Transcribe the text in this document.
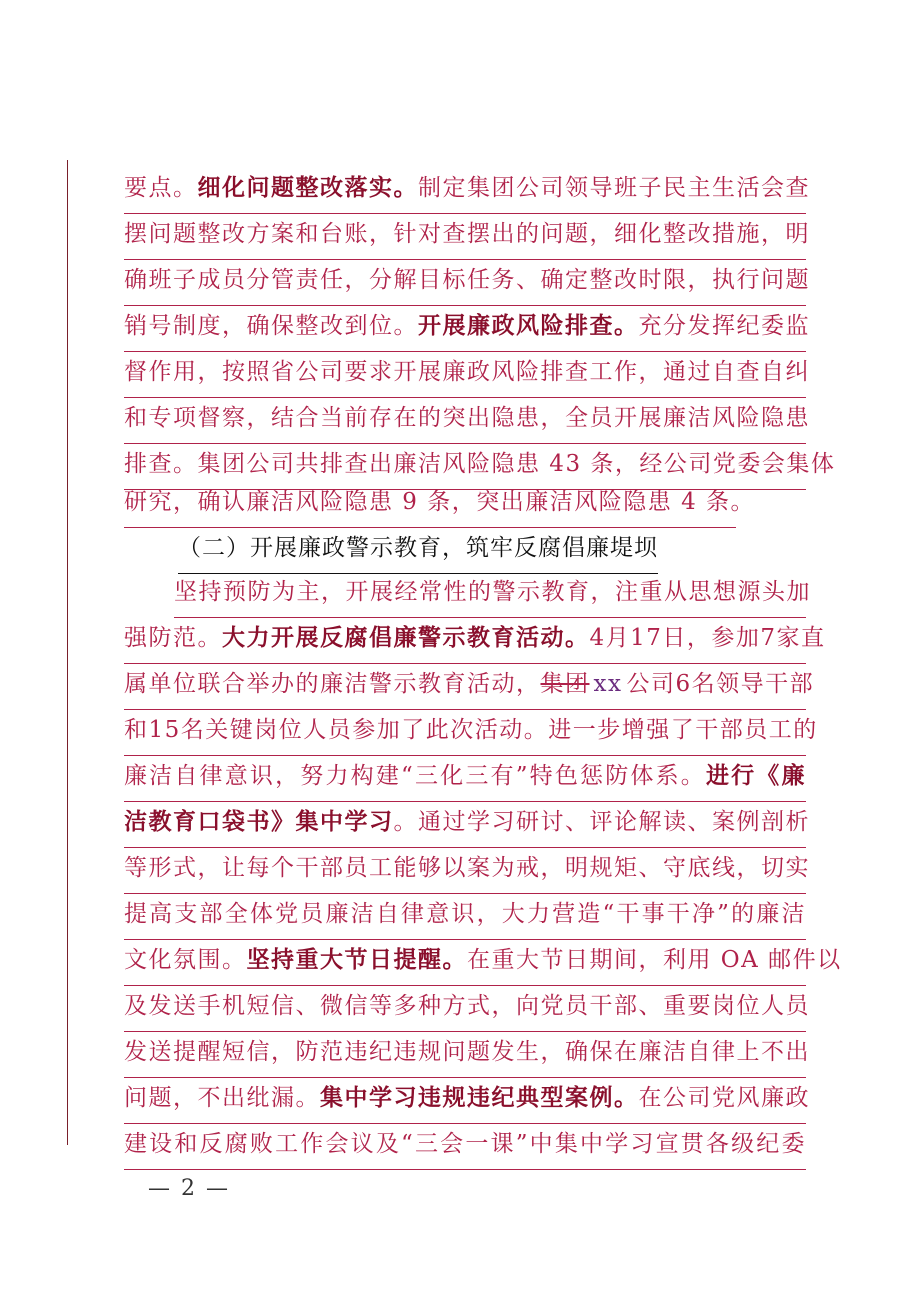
要点。细化问题整改落实。制定集团公司领导班子民主生活会查
摆问题整改方案和台账，针对查摆出的问题，细化整改措施，明
确班子成员分管责任，分解目标任务、确定整改时限，执行问题
销号制度，确保整改到位。开展廉政风险排查。充分发挥纪委监
督作用，按照省公司要求开展廉政风险排查工作，通过自查自纠
和专项督察，结合当前存在的突出隐患，全员开展廉洁风险隐患
排查。集团公司共排查出廉洁风险隐患 43 条，经公司党委会集体
研究，确认廉洁风险隐患 9 条，突出廉洁风险隐患 4 条。
（二）开展廉政警示教育，筑牢反腐倡廉堤坝
坚持预防为主，开展经常性的警示教育，注重从思想源头加
强防范。大力开展反腐倡廉警示教育活动。4月17日，参加7家直
属单位联合举办的廉洁警示教育活动，集团 xx 公司6名领导干部
和15名关键岗位人员参加了此次活动。进一步增强了干部员工的
廉洁自律意识，努力构建“三化三有”特色惩防体系。进行《廉
洁教育口袋书》集中学习。通过学习研讨、评论解读、案例剖析
等形式，让每个干部员工能够以案为戒，明规矩、守底线，切实
提高支部全体党员廉洁自律意识，大力营造“干事干净”的廉洁
文化氛围。坚持重大节日提醒。在重大节日期间，利用 OA 邮件以
及发送手机短信、微信等多种方式，向党员干部、重要岗位人员
发送提醒短信，防范违纪违规问题发生，确保在廉洁自律上不出
问题，不出纰漏。集中学习违规违纪典型案例。在公司党风廉政
建设和反腐败工作会议及“三会一课”中集中学习宣贯各级纪委
— 2 —
